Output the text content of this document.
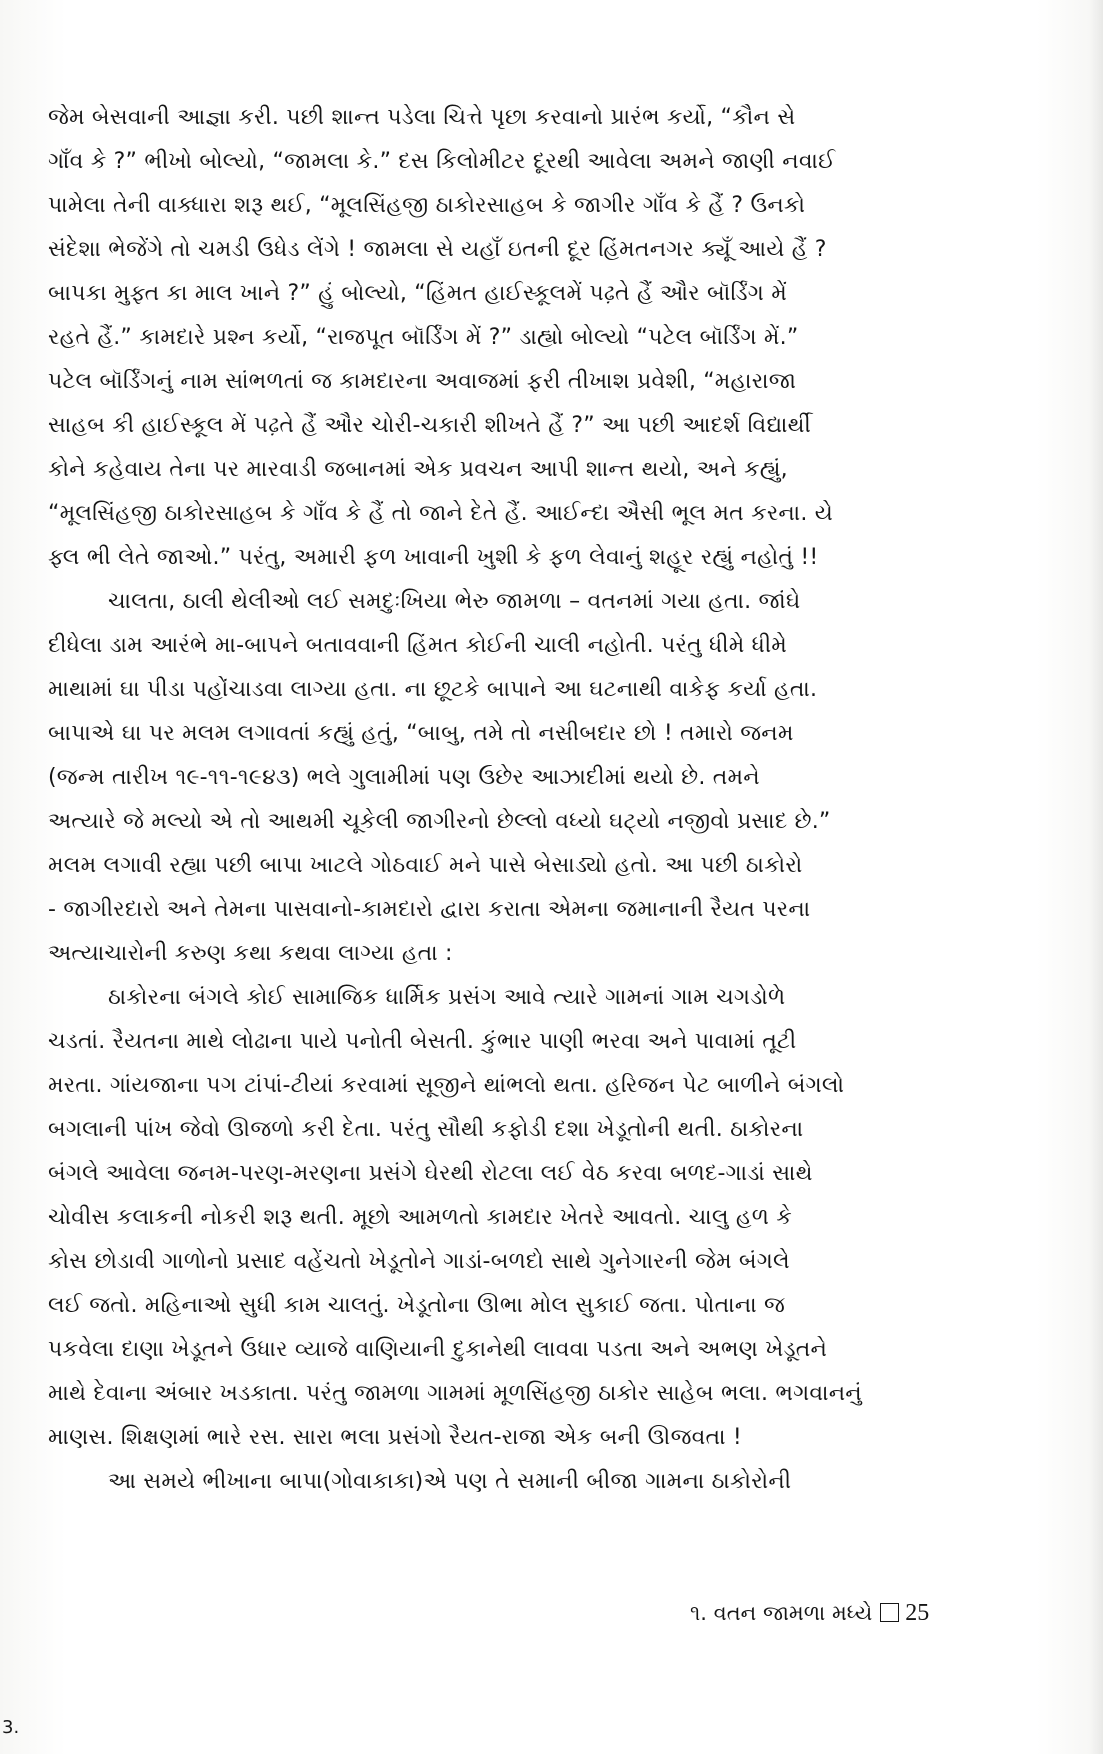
જેમ બેસવાની આજ્ઞા કરી. પછી શાન્ત પડેલા ચિત્તે પૃછા કરવાનો પ્રારંભ કર્યો, “કૌન સે
ગાઁવ કે ?” ભીખો બોલ્યો, “જામલા કે.” દસ કિલોમીટર દૂરથી આવેલા અમને જાણી નવાઈ
પામેલા તેની વાક્ધારા શરૂ થઈ, “મૂલસિંહજી ઠાકોરસાહબ કે જાગીર ગાઁવ કે હૈં ? ઉનકો
સંદેશા ભેજેંગે તો ચમડી ઉધેડ લેંગે ! જામલા સે યહાઁ ઇતની દૂર હિંમતનગર ક્યૂઁ આયે હૈં ?
બાપકા મુફ્ત કા માલ ખાને ?” હું બોલ્યો, “હિંમત હાઈસ્કૂલમેં પઢ઼તે હૈં ઔર બૉર્ડિંગ મેં
રહતે હૈં.” કામદારે પ્રશ્ન કર્યો, “રાજપૂત બૉર્ડિંગ મેં ?” ડાહ્યો બોલ્યો “પટેલ બૉર્ડિંગ મેં.”
પટેલ બૉર્ડિંગનું નામ સાંભળતાં જ કામદારના અવાજમાં ફરી તીખાશ પ્રવેશી, “મહારાજા
સાહબ કી હાઈસ્કૂલ મેં પઢ઼તે હૈં ઔર ચોરી-ચકારી શીખતે હૈં ?” આ પછી આદર્શ વિદ્યાર્થી
કોને કહેવાય તેના પર મારવાડી જબાનમાં એક પ્રવચન આપી શાન્ત થયો, અને કહ્યું,
“મૂલસિંહજી ઠાકોરસાહબ કે ગાઁવ કે હૈં તો જાને દેતે હૈં. આઈન્દા ઐસી ભૂલ મત કરના. યે
ફ્લ ભી લેતે જાઓ.” પરંતુ, અમારી ફળ ખાવાની ખુશી કે ફળ લેવાનું શહૂર રહ્યું નહોતું !!
ચાલતા, ઠાલી થેલીઓ લઈ સમદુઃખિયા ભેરુ જામળા – વતનમાં ગયા હતા. જાંઘે
દીધેલા ડામ આરંભે મા-બાપને બતાવવાની હિંમત કોઈની ચાલી નહોતી. પરંતુ ધીમે ધીમે
માથામાં ઘા પીડા પહોંચાડવા લાગ્યા હતા. ના છૂટકે બાપાને આ ઘટનાથી વાકેફ કર્યા હતા.
બાપાએ ઘા પર મલમ લગાવતાં કહ્યું હતું, “બાબુ, તમે તો નસીબદાર છો ! તમારો જનમ
(જન્મ તારીખ ૧૯-૧૧-૧૯૪૩) ભલે ગુલામીમાં પણ ઉછેર આઝાદીમાં થયો છે. તમને
અત્યારે જે મલ્યો એ તો આથમી ચૂકેલી જાગીરનો છેલ્લો વધ્યો ઘટ્યો નજીવો પ્રસાદ છે.”
મલમ લગાવી રહ્યા પછી બાપા ખાટલે ગોઠવાઈ મને પાસે બેસાડ્યો હતો. આ પછી ઠાકોરો
- જાગીરદારો અને તેમના પાસવાનો-કામદારો દ્વારા કરાતા એમના જમાનાની રૈયત પરના
અત્યાચારોની કરુણ કથા કથવા લાગ્યા હતા :
ઠાકોરના બંગલે કોઈ સામાજિક ધાર્મિક પ્રસંગ આવે ત્યારે ગામનાં ગામ ચગડોળે
ચડતાં. રૈયતના માથે લોઢાના પાયે પનોતી બેસતી. કુંભાર પાણી ભરવા અને પાવામાં તૂટી
મરતા. ગાંયજાના પગ ટાંપાં-ટીયાં કરવામાં સૂજીને થાંભલો થતા. હરિજન પેટ બાળીને બંગલો
બગલાની પાંખ જેવો ઊજળો કરી દેતા. પરંતુ સૌથી કફોડી દશા ખેડૂતોની થતી. ઠાકોરના
બંગલે આવેલા જનમ-પરણ-મરણના પ્રસંગે ઘેરથી રોટલા લઈ વેઠ કરવા બળદ-ગાડાં સાથે
ચોવીસ કલાકની નોકરી શરૂ થતી. મૂછો આમળતો કામદાર ખેતરે આવતો. ચાલુ હળ કે
કોસ છોડાવી ગાળોનો પ્રસાદ વહેંચતો ખેડૂતોને ગાડાં-બળદો સાથે ગુનેગારની જેમ બંગલે
લઈ જતો. મહિનાઓ સુધી કામ ચાલતું. ખેડૂતોના ઊભા મોલ સુકાઈ જતા. પોતાના જ
પકવેલા દાણા ખેડૂતને ઉધાર વ્યાજે વાણિયાની દુકાનેથી લાવવા પડતા અને અભણ ખેડૂતને
માથે દેવાના અંબાર ખડકાતા. પરંતુ જામળા ગામમાં મૂળસિંહજી ઠાકોર સાહેબ ભલા. ભગવાનનું
માણસ. શિક્ષણમાં ભારે રસ. સારા ભલા પ્રસંગો રૈયત-રાજા એક બની ઊજવતા !
આ સમયે ભીખાના બાપા(ગોવાકાકા)એ પણ તે સમાની બીજા ગામના ઠાકોરોની
૧. વતન જામળા મધ્યે 25
3.
